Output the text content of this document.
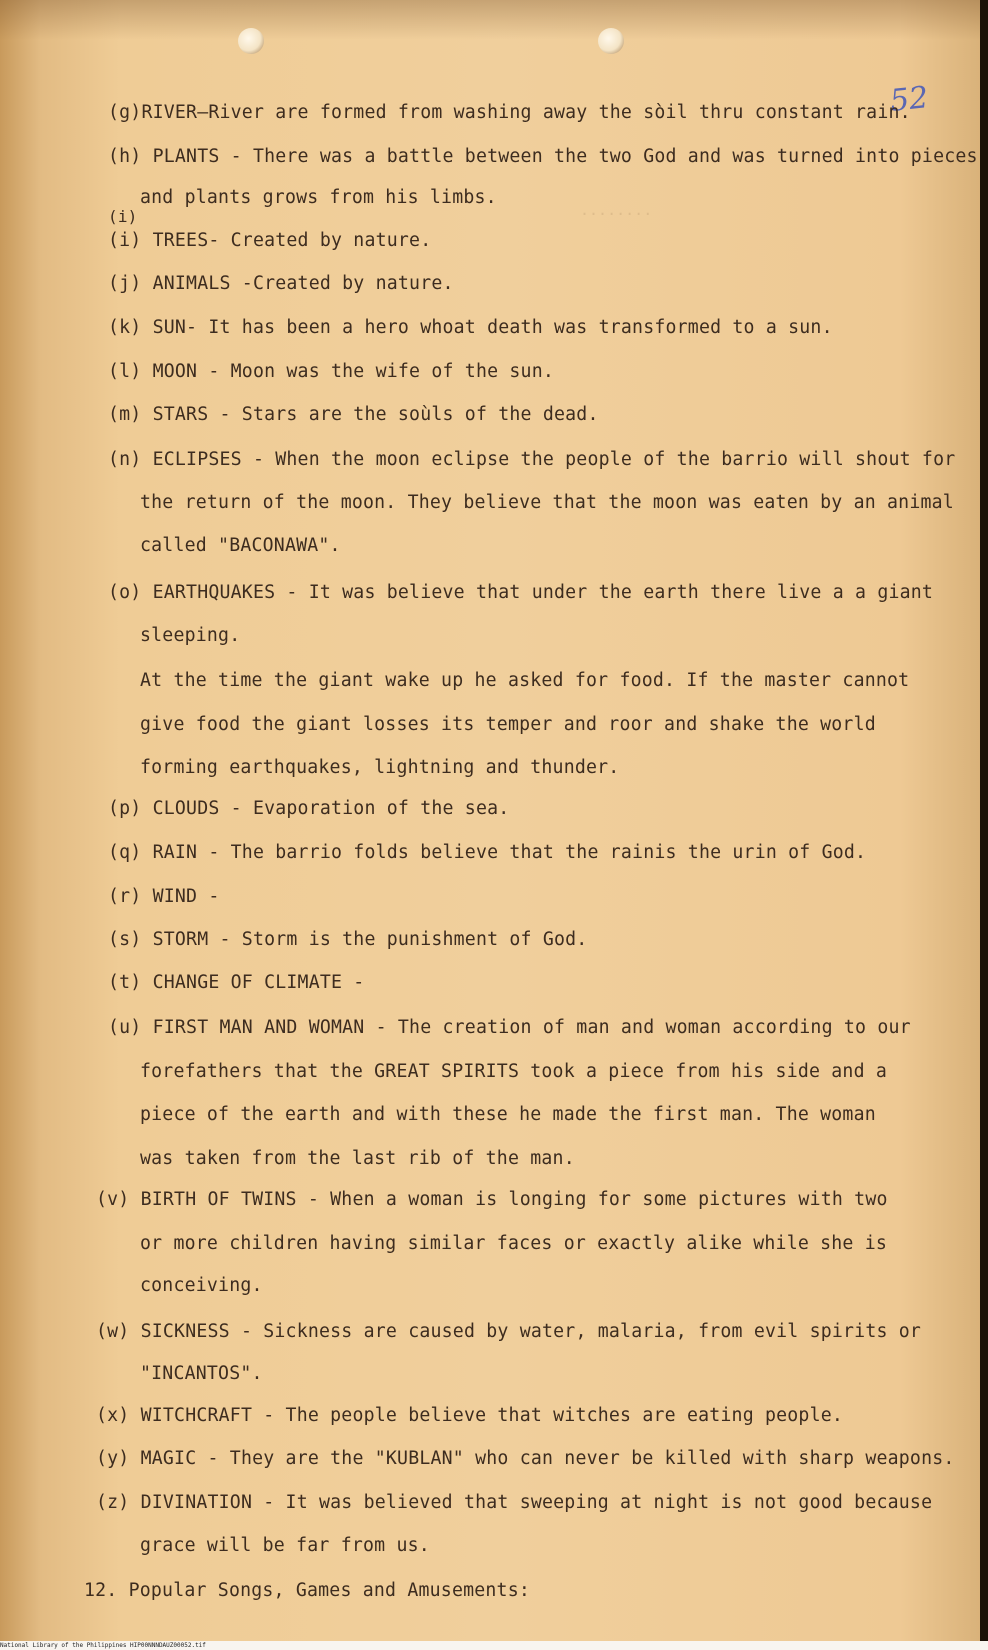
········
52
(g)RIVER—River are formed from washing away the sòil thru constant rain.
(h) PLANTS - There was a battle between the two God and was turned into pieces
and plants grows from his limbs.
(i)
(i) TREES- Created by nature.
(j) ANIMALS -Created by nature.
(k) SUN- It has been a hero whoat death was transformed to a sun.
(l) MOON - Moon was the wife of the sun.
(m) STARS - Stars are the soùls of the dead.
(n) ECLIPSES - When the moon eclipse the people of the barrio will shout for
the return of the moon. They believe that the moon was eaten by an animal
called "BACONAWA".
(o) EARTHQUAKES - It was believe that under the earth there live a a giant
sleeping.
At the time the giant wake up he asked for food. If the master cannot
give food the giant losses its temper and roor and shake the world
forming earthquakes, lightning and thunder.
(p) CLOUDS - Evaporation of the sea.
(q) RAIN - The barrio folds believe that the rainis the urin of God.
(r) WIND -
(s) STORM - Storm is the punishment of God.
(t) CHANGE OF CLIMATE -
(u) FIRST MAN AND WOMAN - The creation of man and woman according to our
forefathers that the GREAT SPIRITS took a piece from his side and a
piece of the earth and with these he made the first man. The woman
was taken from the last rib of the man.
(v) BIRTH OF TWINS - When a woman is longing for some pictures with two
or more children having similar faces or exactly alike while she is
conceiving.
(w) SICKNESS - Sickness are caused by water, malaria, from evil spirits or
"INCANTOS".
(x) WITCHCRAFT - The people believe that witches are eating people.
(y) MAGIC - They are the "KUBLAN" who can never be killed with sharp weapons.
(z) DIVINATION - It was believed that sweeping at night is not good because
grace will be far from us.
12. Popular Songs, Games and Amusements:
National Library of the Philippines HIP00NNNDAUZ00052.tif
